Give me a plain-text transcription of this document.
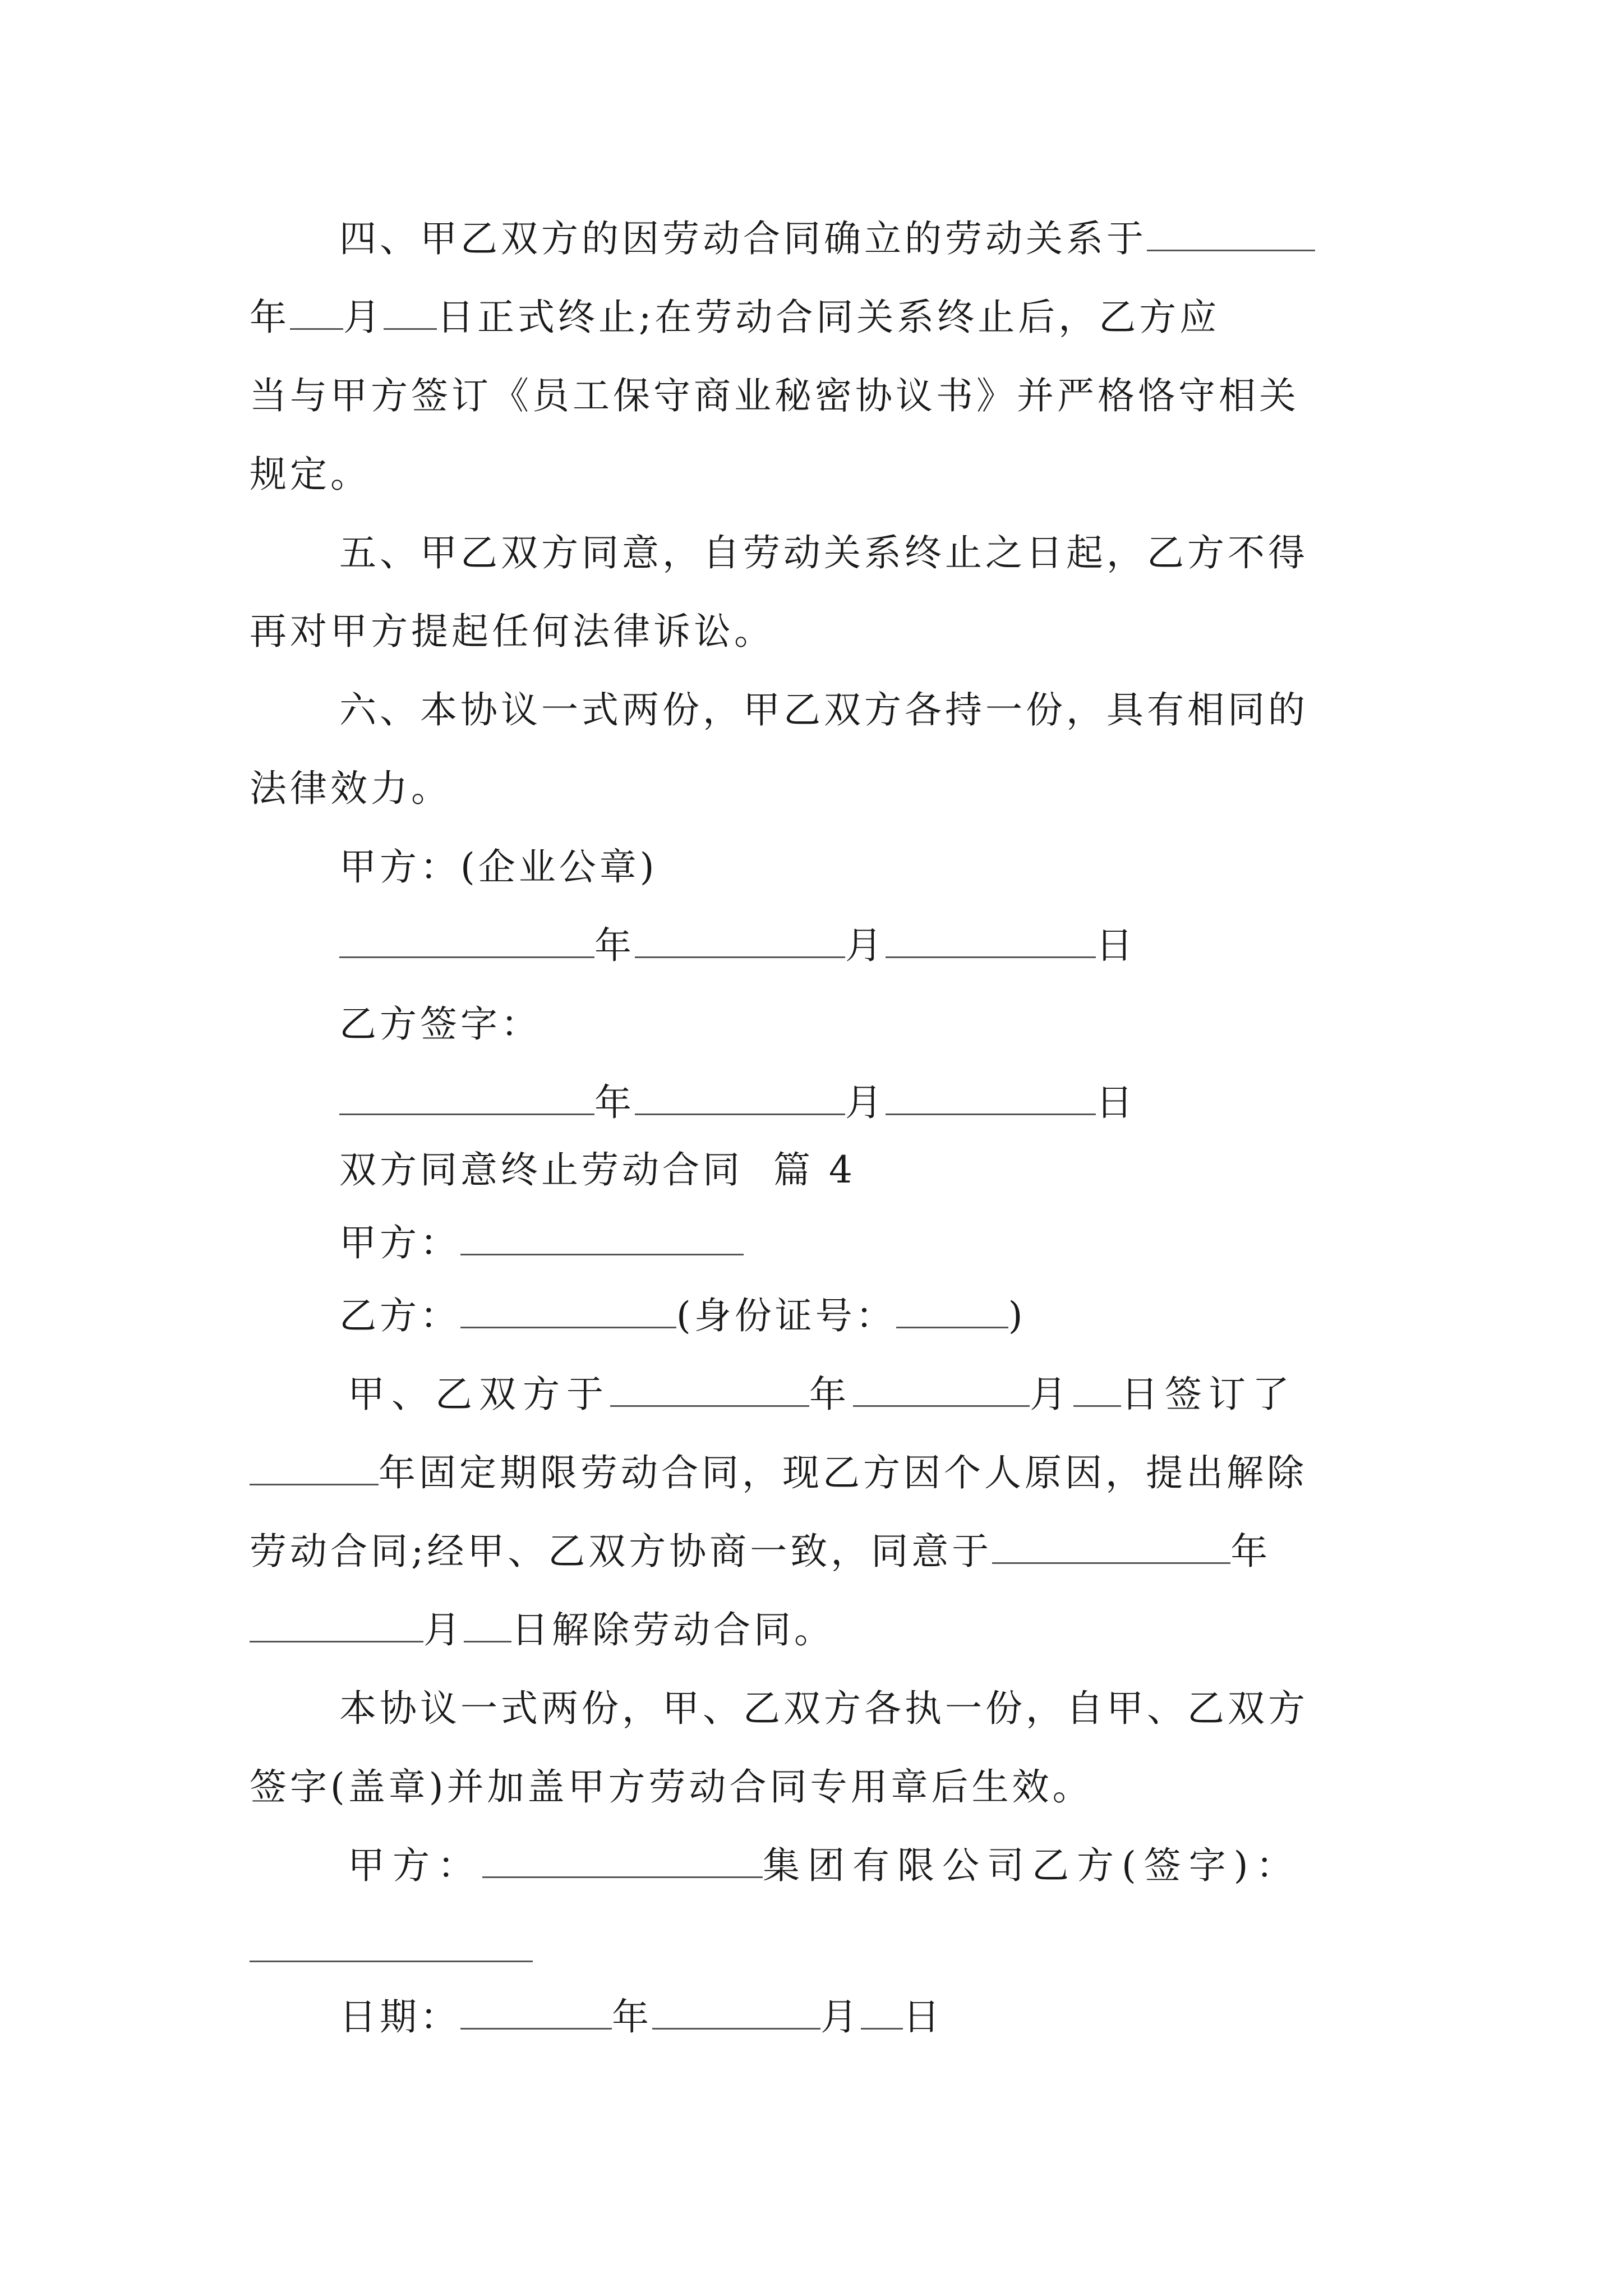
四、甲乙双方的因劳动合同确立的劳动关系于
年 月 日正式终止;在劳动合同关系终止后，乙方应
当与甲方签订《员工保守商业秘密协议书》并严格恪守相关
规定。
五、甲乙双方同意，自劳动关系终止之日起，乙方不得
再对甲方提起任何法律诉讼。
六、本协议一式两份，甲乙双方各持一份，具有相同的
法律效力。
甲方：(企业公章)
年	月	日
乙方签字：
年	月	日
双方同意终止劳动合同  篇 4
甲方：
乙方：	(身份证号：	)
甲、乙双方于	年	月 日签订了
年固定期限劳动合同，现乙方因个人原因，提出解除
劳动合同;经甲、乙双方协商一致，同意于	年
月 日解除劳动合同。
本协议一式两份，甲、乙双方各执一份，自甲、乙双方
签字(盖章)并加盖甲方劳动合同专用章后生效。
甲方：	集团有限公司乙方(签字)：
日期：	年	月 日
